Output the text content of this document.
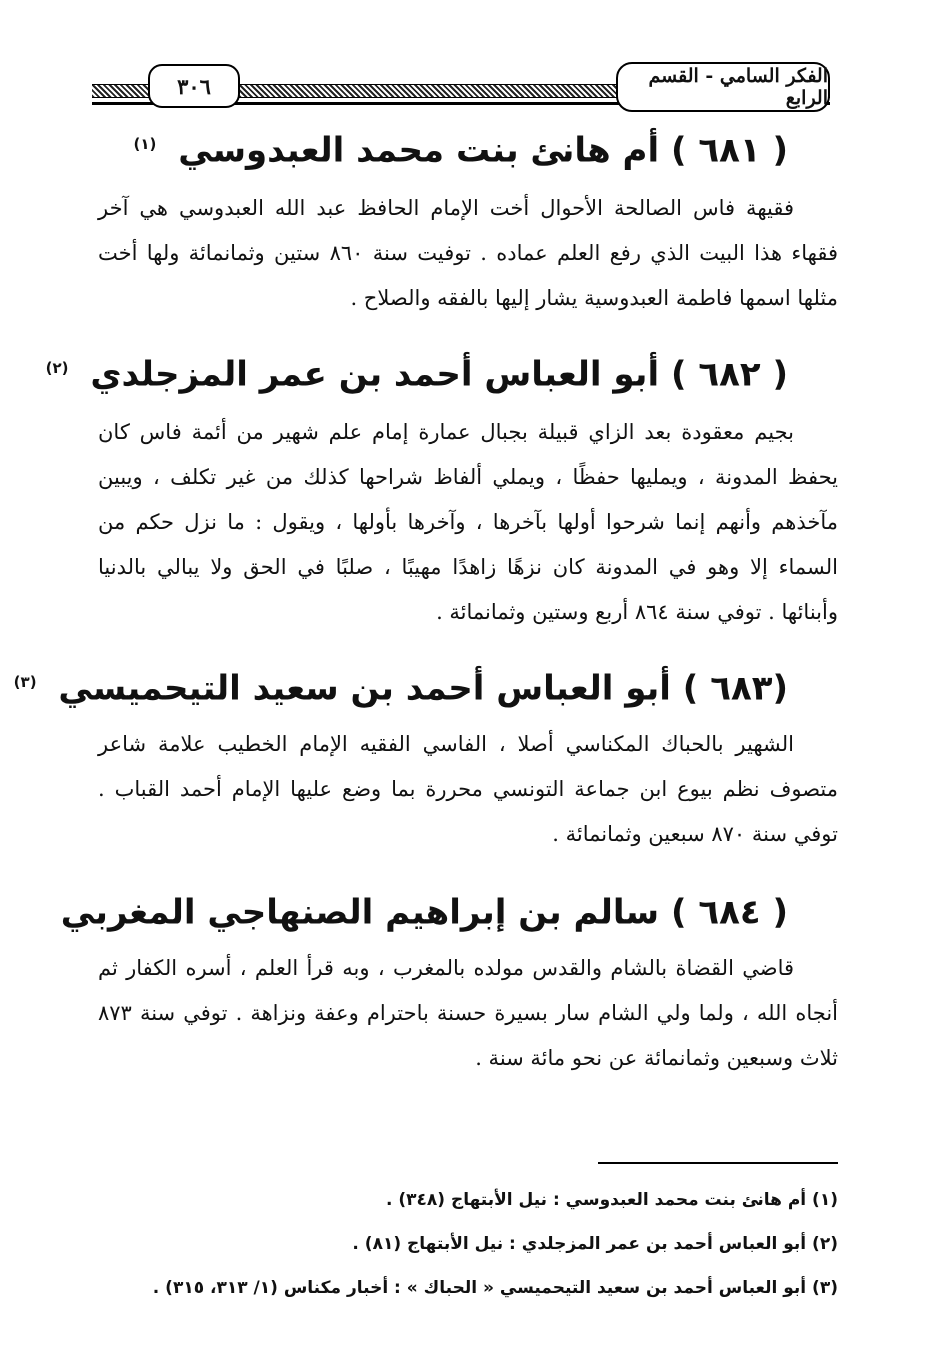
الفكر السامي - القسم الرابع
٣٠٦
( ٦٨١ ) أم هانئ بنت محمد العبدوسي $^{(١)}$
فقيهة فاس الصالحة الأحوال أخت الإمام الحافظ عبد الله العبدوسي هي آخر فقهاء هذا البيت الذي رفع العلم عماده . توفيت سنة ٨٦٠ ستين وثمانمائة ولها أخت مثلها اسمها فاطمة العبدوسية يشار إليها بالفقه والصلاح .
( ٦٨٢ ) أبو العباس أحمد بن عمر المزجلدي $^{(٢)}$
بجيم معقودة بعد الزاي قبيلة بجبال عمارة إمام علم شهير من أئمة فاس كان يحفظ المدونة ، ويمليها حفظًا ، ويملي ألفاظ شراحها كذلك من غير تكلف ، ويبين مآخذهم وأنهم إنما شرحوا أولها بآخرها ، وآخرها بأولها ، ويقول : ما نزل حكم من السماء إلا وهو في المدونة كان نزهًا زاهدًا مهيبًا ، صلبًا في الحق ولا يبالي بالدنيا وأبنائها . توفي سنة ٨٦٤ أربع وستين وثمانمائة .
(٦٨٣ ) أبو العباس أحمد بن سعيد التيحميسي $^{(٣)}$
الشهير بالحباك المكناسي أصلا ، الفاسي الفقيه الإمام الخطيب علامة شاعر متصوف نظم بيوع ابن جماعة التونسي محررة بما وضع عليها الإمام أحمد القباب . توفي سنة ٨٧٠ سبعين وثمانمائة .
( ٦٨٤ ) سالم بن إبراهيم الصنهاجي المغربي
قاضي القضاة بالشام والقدس مولده بالمغرب ، وبه قرأ العلم ، أسره الكفار ثم أنجاه الله ، ولما ولي الشام سار بسيرة حسنة باحترام وعفة ونزاهة . توفي سنة ٨٧٣ ثلاث وسبعين وثمانمائة عن نحو مائة سنة .
(١) أم هانئ بنت محمد العبدوسي : نيل الأبتهاج (٣٤٨) .
(٢) أبو العباس أحمد بن عمر المزجلدي : نيل الأبتهاج (٨١) .
(٣) أبو العباس أحمد بن سعيد التيحميسي « الحباك » : أخبار مكناس (١/ ٣١٣، ٣١٥) .
